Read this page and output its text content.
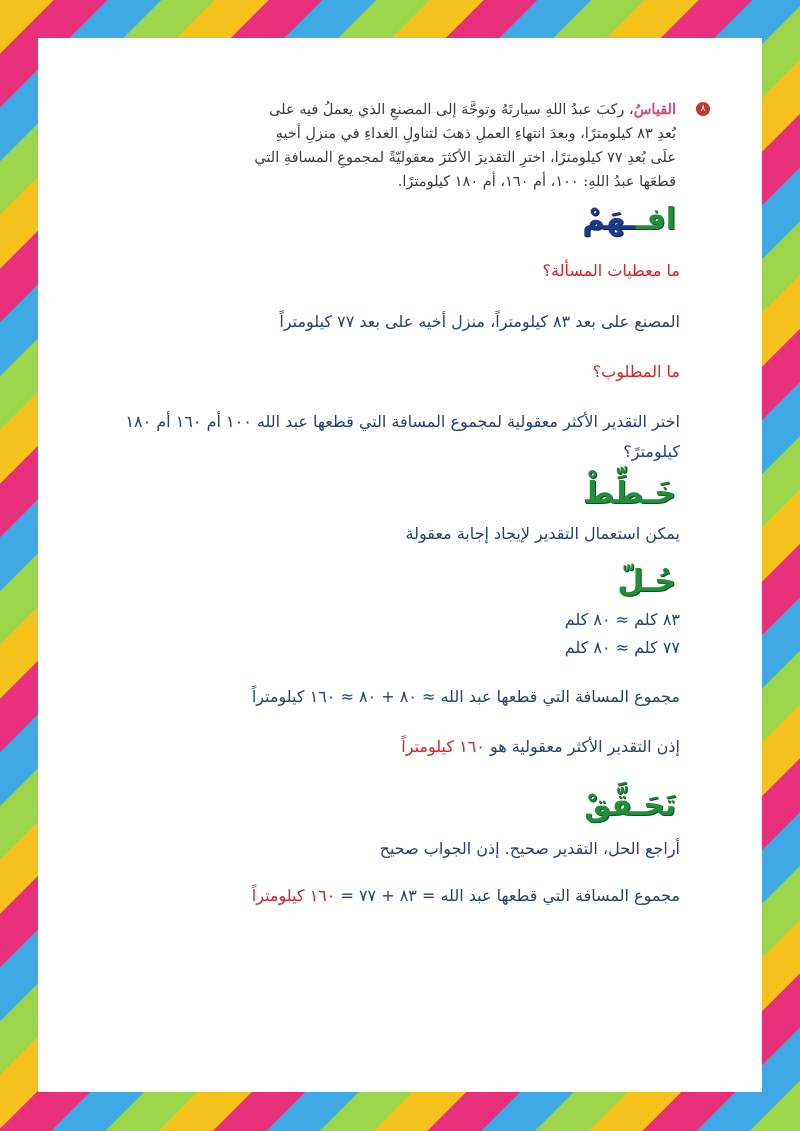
٨
القياسُ، ركبَ عبدُ اللهِ سيارتَهُ وتوجَّهَ إلى المصنعِ الذي يعملُ فيه على
بُعدِ ٨٣ كيلومترًا، وبعدَ انتهاءِ العملِ ذهبَ لتناولِ الغداءِ في منزلِ أخيهِ
علَى بُعدِ ٧٧ كيلومترًا، اخترِ التقديرَ الأكثرَ معقوليّةً لمجموعِ المسافةِ التي
قطعَها عبدُ اللهِ: ١٠٠، أم ١٦٠، أم ١٨٠ كيلومترًا.
افــهَمْ
ما معطيات المسألة؟
المصنع على بعد ٨٣ كيلومتراً، منزل أخيه على بعد ٧٧ كيلومتراً
ما المطلوب؟
اختر التقدير الأكثر معقولية لمجموع المسافة التي قطعها عبد الله ١٠٠ أم ١٦٠ أم ١٨٠ كيلومترً؟
خَـطِّطْ
يمكن استعمال التقدير لإيجاد إجابة معقولة
حُـلّ
٨٣ كلم ≈ ٨٠ كلم
٧٧ كلم ≈ ٨٠ كلم
مجموع المسافة التي قطعها عبد الله ≈ ٨٠ + ٨٠ ≈ ١٦٠ كيلومتراً
إذن التقدير الأكثر معقولية هو ١٦٠ كيلومتراً
تَحَـقَّقْ
أراجع الحل، التقدير صحيح. إذن الجواب صحيح
مجموع المسافة التي قطعها عبد الله = ٨٣ + ٧٧ = ١٦٠ كيلومتراً
